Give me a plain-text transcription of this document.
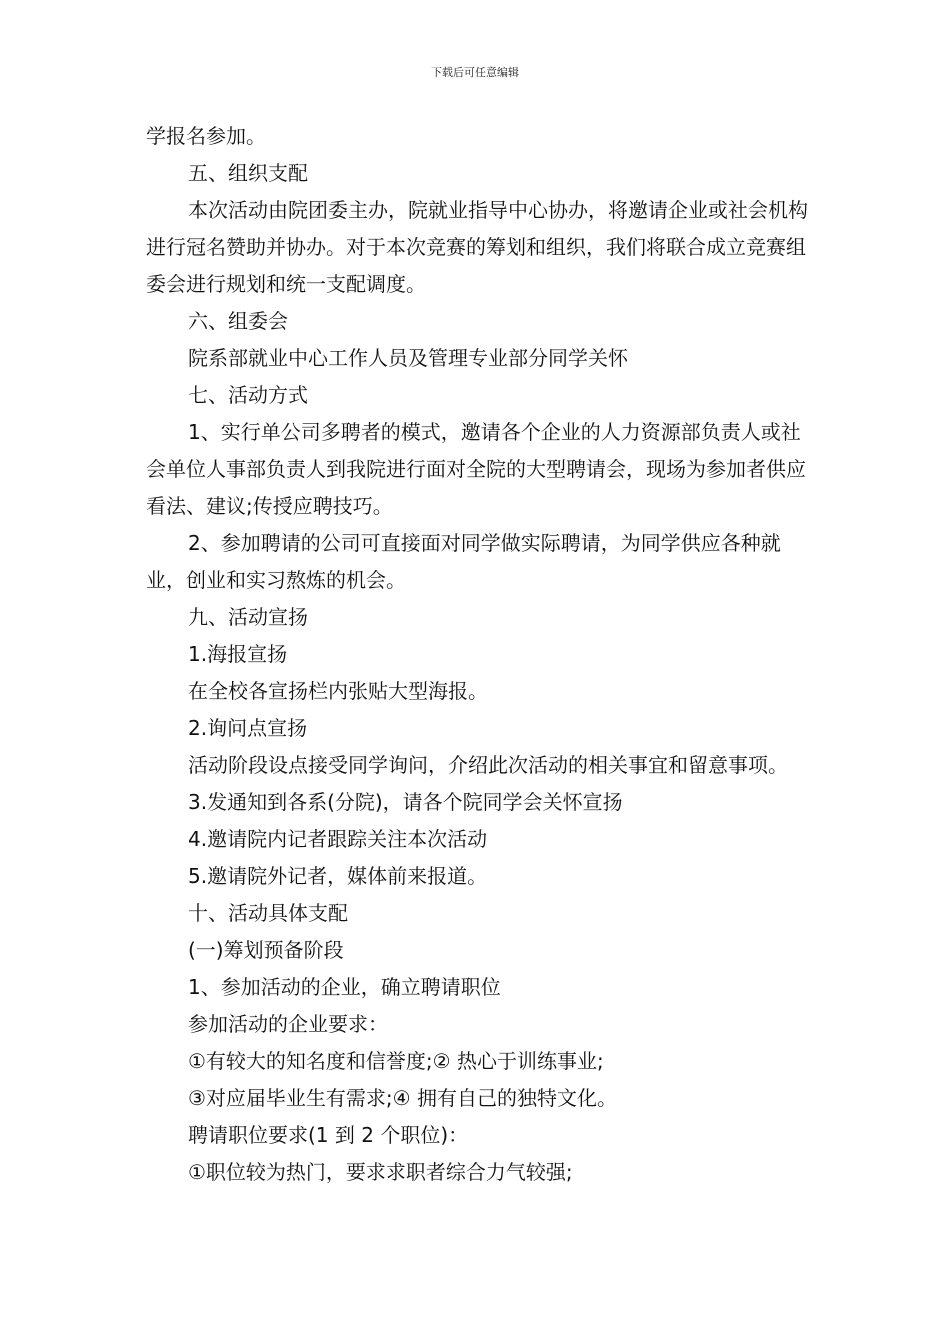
下载后可任意编辑

学报名参加。

五、组织支配

本次活动由院团委主办，院就业指导中心协办，将邀请企业或社会机构进行冠名赞助并协办。对于本次竞赛的筹划和组织，我们将联合成立竞赛组委会进行规划和统一支配调度。

六、组委会

院系部就业中心工作人员及管理专业部分同学关怀

七、活动方式

1、实行单公司多聘者的模式，邀请各个企业的人力资源部负责人或社会单位人事部负责人到我院进行面对全院的大型聘请会，现场为参加者供应看法、建议;传授应聘技巧。

2、参加聘请的公司可直接面对同学做实际聘请，为同学供应各种就业，创业和实习熬炼的机会。

九、活动宣扬

1.海报宣扬

在全校各宣扬栏内张贴大型海报。

2.询问点宣扬

活动阶段设点接受同学询问，介绍此次活动的相关事宜和留意事项。

3.发通知到各系(分院)，请各个院同学会关怀宣扬

4.邀请院内记者跟踪关注本次活动

5.邀请院外记者，媒体前来报道。

十、活动具体支配

(一)筹划预备阶段

1、参加活动的企业，确立聘请职位

参加活动的企业要求：

①有较大的知名度和信誉度;② 热心于训练事业;

③对应届毕业生有需求;④ 拥有自己的独特文化。

聘请职位要求(1 到 2 个职位)：

①职位较为热门，要求求职者综合力气较强;
